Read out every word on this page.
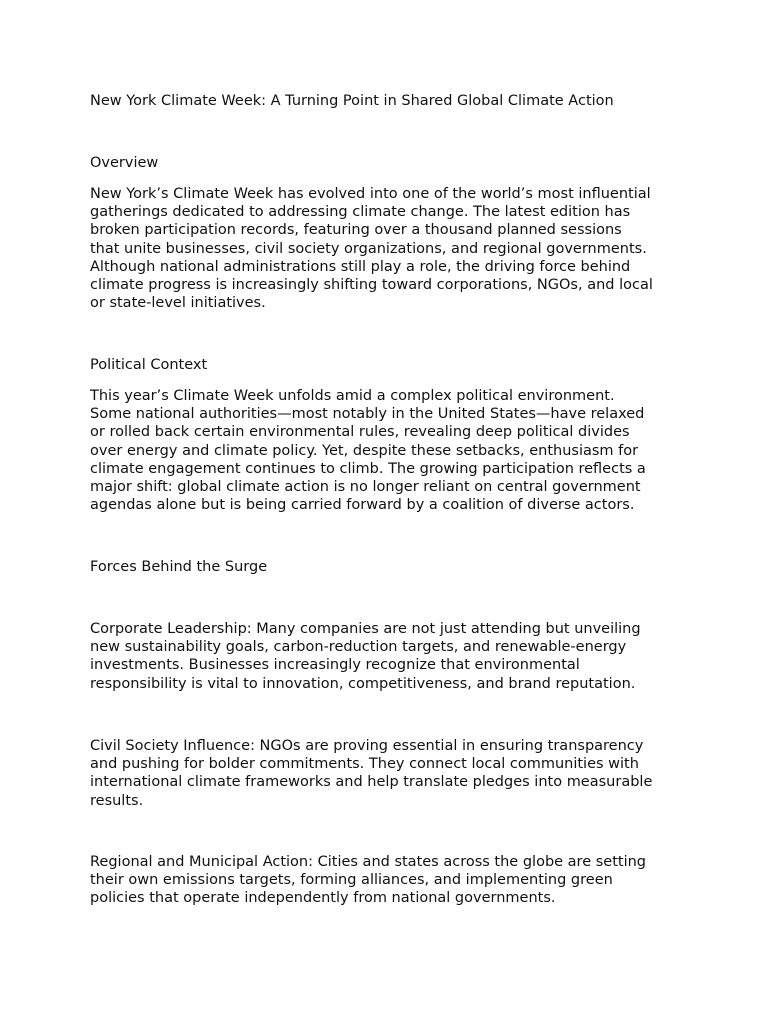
New York Climate Week: A Turning Point in Shared Global Climate Action

Overview

New York’s Climate Week has evolved into one of the world’s most influential
gatherings dedicated to addressing climate change. The latest edition has
broken participation records, featuring over a thousand planned sessions
that unite businesses, civil society organizations, and regional governments.
Although national administrations still play a role, the driving force behind
climate progress is increasingly shifting toward corporations, NGOs, and local
or state-level initiatives.

Political Context

This year’s Climate Week unfolds amid a complex political environment.
Some national authorities—most notably in the United States—have relaxed
or rolled back certain environmental rules, revealing deep political divides
over energy and climate policy. Yet, despite these setbacks, enthusiasm for
climate engagement continues to climb. The growing participation reflects a
major shift: global climate action is no longer reliant on central government
agendas alone but is being carried forward by a coalition of diverse actors.

Forces Behind the Surge

Corporate Leadership: Many companies are not just attending but unveiling
new sustainability goals, carbon-reduction targets, and renewable-energy
investments. Businesses increasingly recognize that environmental
responsibility is vital to innovation, competitiveness, and brand reputation.

Civil Society Influence: NGOs are proving essential in ensuring transparency
and pushing for bolder commitments. They connect local communities with
international climate frameworks and help translate pledges into measurable
results.

Regional and Municipal Action: Cities and states across the globe are setting
their own emissions targets, forming alliances, and implementing green
policies that operate independently from national governments.
